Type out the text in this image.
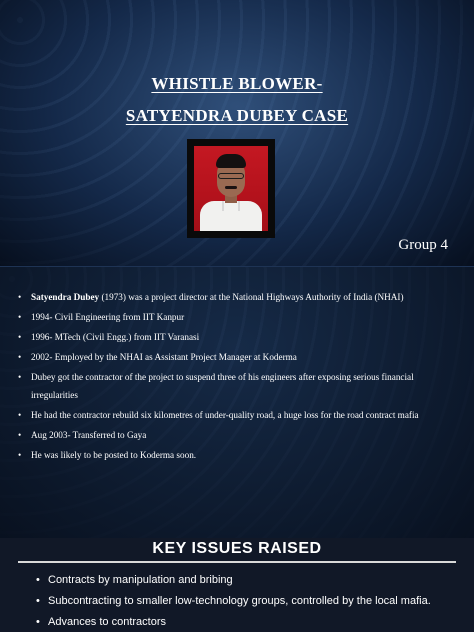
WHISTLE BLOWER-
SATYENDRA DUBEY CASE
Group 4
• Satyendra Dubey (1973) was a project director at the National Highways Authority of India (NHAI)
• 1994- Civil Engineering from IIT Kanpur
• 1996- MTech (Civil Engg.) from IIT Varanasi
• 2002- Employed by the NHAI as Assistant Project Manager at Koderma
• Dubey got the contractor of the project to suspend three of his engineers after exposing serious financial irregularities
• He had the contractor rebuild six kilometres of under-quality road, a huge loss for the road contract mafia
• Aug 2003- Transferred to Gaya
• He was likely to be posted to Koderma soon.
KEY ISSUES RAISED
• Contracts by manipulation and bribing
• Subcontracting to smaller low-technology groups, controlled by the local mafia.
• Advances to contractors
